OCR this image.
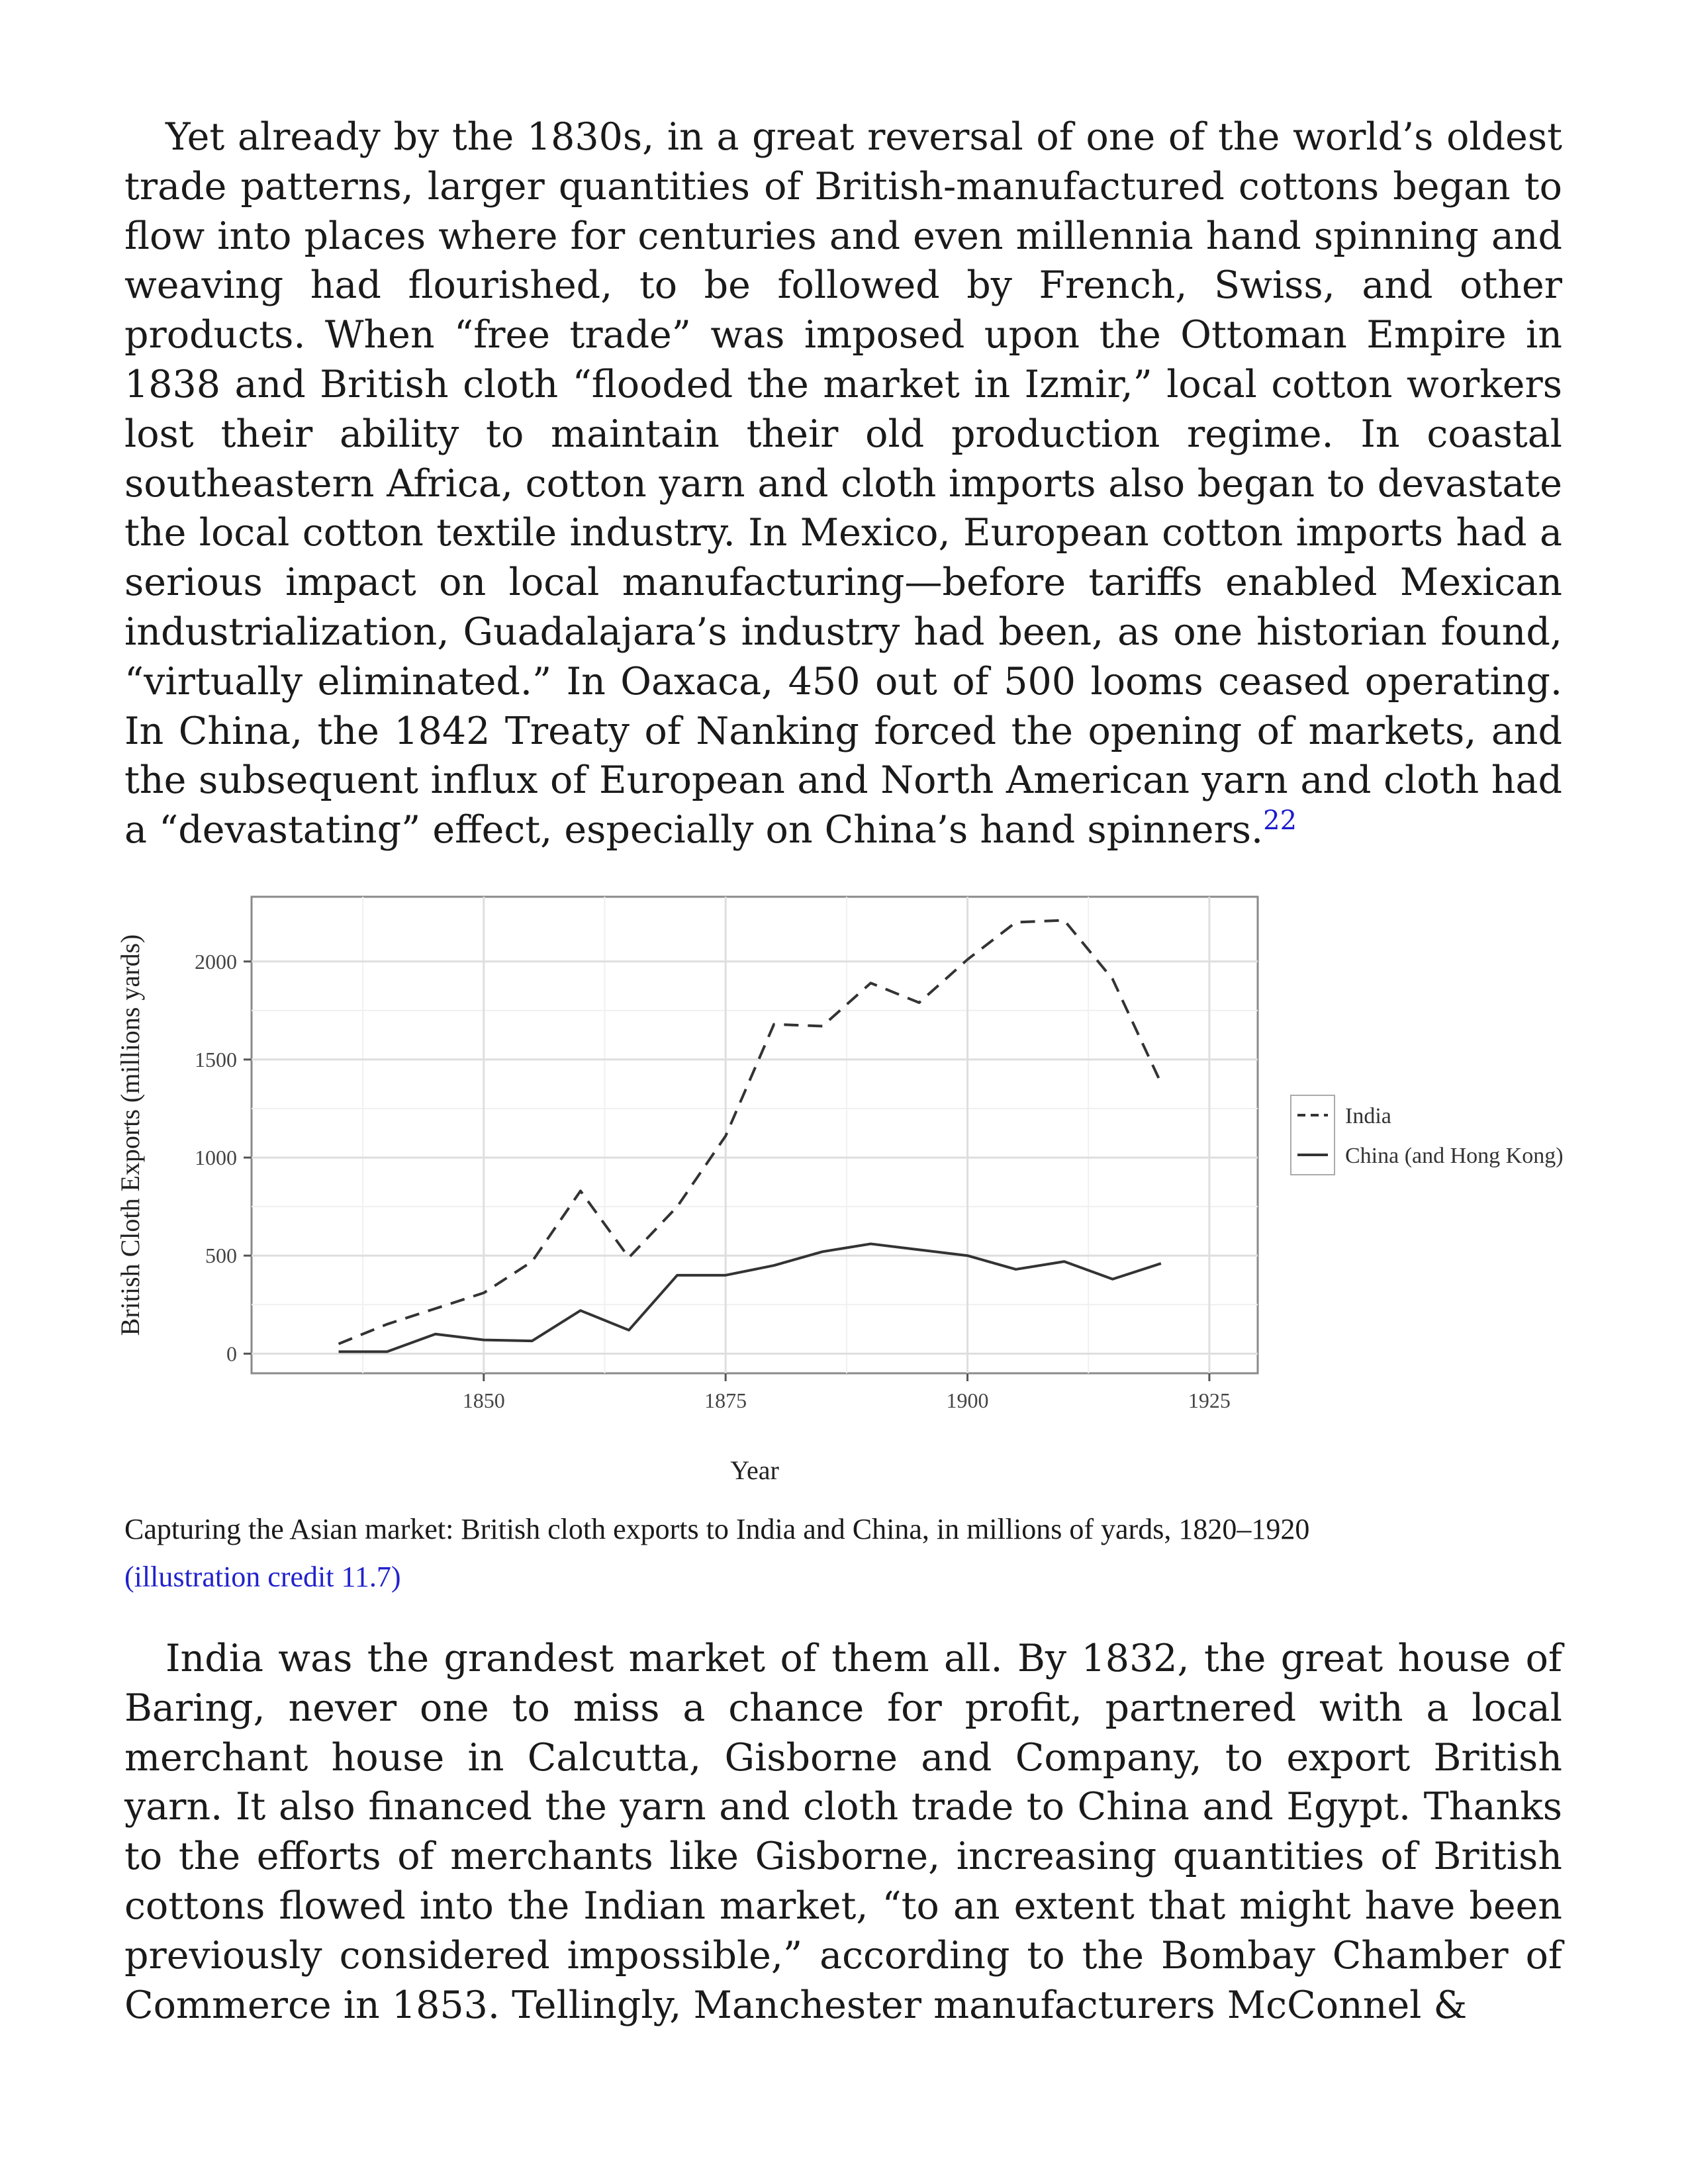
Yet already by the 1830s, in a great reversal of one of the world’s oldest trade patterns, larger quantities of British-manufactured cottons began to flow into places where for centuries and even millennia hand spinning and weaving had flourished, to be followed by French, Swiss, and other products. When “free trade” was imposed upon the Ottoman Empire in 1838 and British cloth “flooded the market in Izmir,” local cotton workers lost their ability to maintain their old production regime. In coastal southeastern Africa, cotton yarn and cloth imports also began to devastate the local cotton textile industry. In Mexico, European cotton imports had a serious impact on local manufacturing—before tariffs enabled Mexican industrialization, Guadalajara’s industry had been, as one historian found, “virtually eliminated.” In Oaxaca, 450 out of 500 looms ceased operating. In China, the 1842 Treaty of Nanking forced the opening of markets, and the subsequent influx of European and North American yarn and cloth had a “devastating” effect, especially on China’s hand spinners.$^{22}$

1850	1875	1900	1925
0
500
1000
1500
2000
British Cloth Exports (millions yards)
Year
India
China (and Hong Kong)
Capturing the Asian market: British cloth exports to India and China, in millions of yards, 1820–1920
(illustration credit 11.7)

India was the grandest market of them all. By 1832, the great house of Baring, never one to miss a chance for profit, partnered with a local merchant house in Calcutta, Gisborne and Company, to export British yarn. It also financed the yarn and cloth trade to China and Egypt. Thanks to the efforts of merchants like Gisborne, increasing quantities of British cottons flowed into the Indian market, “to an extent that might have been previously considered impossible,” according to the Bombay Chamber of Commerce in 1853. Tellingly, Manchester manufacturers McConnel &
